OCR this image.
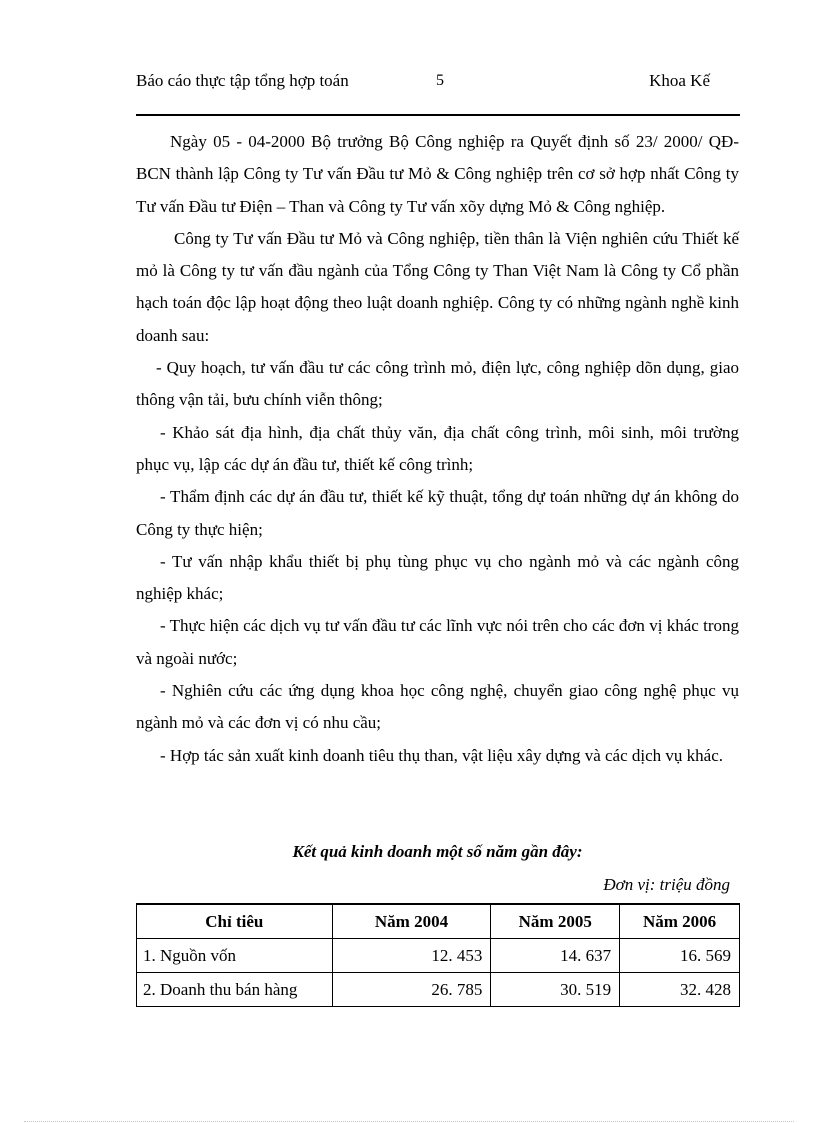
Báo cáo thực tập tổng hợp toán	5	Khoa Kế

Ngày 05 - 04-2000 Bộ trưởng Bộ Công nghiệp ra Quyết định số 23/ 2000/ QĐ-BCN thành lập Công ty Tư vấn Đầu tư Mỏ & Công nghiệp trên cơ sở hợp nhất Công ty Tư vấn Đầu tư Điện – Than và Công ty Tư vấn xõy dựng Mỏ & Công nghiệp.

Công ty Tư vấn Đầu tư Mỏ và Công nghiệp, tiền thân là Viện nghiên cứu Thiết kế mỏ là Công ty tư vấn đầu ngành của Tổng Công ty Than Việt Nam là Công ty Cổ phần hạch toán độc lập hoạt động theo luật doanh nghiệp. Công ty có những ngành nghề kinh doanh sau:

- Quy hoạch, tư vấn đầu tư các công trình mỏ, điện lực, công nghiệp dõn dụng, giao thông vận tải, bưu chính viễn thông;

- Khảo sát địa hình, địa chất thủy văn, địa chất công trình, môi sinh, môi trường phục vụ, lập các dự án đầu tư, thiết kế công trình;

- Thẩm định các dự án đầu tư, thiết kế kỹ thuật, tổng dự toán những dự án không do Công ty thực hiện;

- Tư vấn nhập khẩu thiết bị phụ tùng phục vụ cho ngành mỏ và các ngành công nghiệp khác;

- Thực hiện các dịch vụ tư vấn đầu tư các lĩnh vực nói trên cho các đơn vị khác trong và ngoài nước;

- Nghiên cứu các ứng dụng khoa học công nghệ, chuyển giao công nghệ phục vụ ngành mỏ và các đơn vị có nhu cầu;

- Hợp tác sản xuất kinh doanh tiêu thụ than, vật liệu xây dựng và các dịch vụ khác.

Kết quả kinh doanh một số năm gần đây:
Đơn vị: triệu đồng
Chỉ tiêu	Năm 2004	Năm 2005	Năm 2006
1. Nguồn vốn	12. 453	14. 637	16. 569
2. Doanh thu bán hàng	26. 785	30. 519	32. 428
